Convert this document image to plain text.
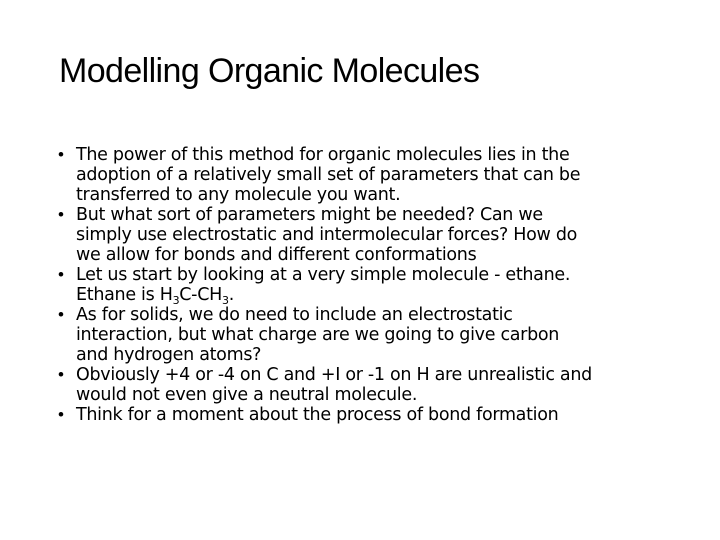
Modelling Organic Molecules
• The power of this method for organic molecules lies in the
adoption of a relatively small set of parameters that can be
transferred to any molecule you want.
• But what sort of parameters might be needed? Can we
simply use electrostatic and intermolecular forces? How do
we allow for bonds and different conformations
• Let us start by looking at a very simple molecule - ethane.
Ethane is $H_3C-CH_3$.
• As for solids, we do need to include an electrostatic
interaction, but what charge are we going to give carbon
and hydrogen atoms?
• Obviously +4 or -4 on C and +I or -1 on H are unrealistic and
would not even give a neutral molecule.
• Think for a moment about the process of bond formation
